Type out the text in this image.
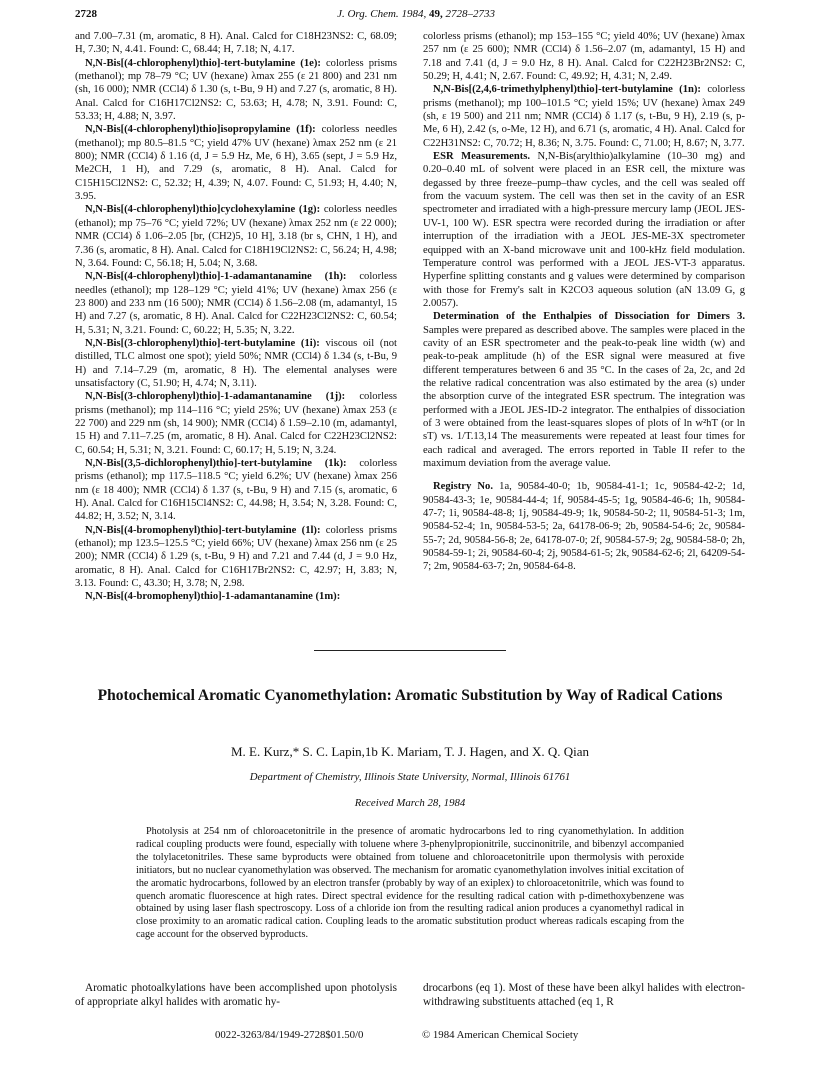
2728	J. Org. Chem. 1984, 49, 2728–2733

and 7.00–7.31 (m, aromatic, 8 H). Anal. Calcd for C18H23NS2: C, 68.09; H, 7.30; N, 4.41. Found: C, 68.44; H, 7.18; N, 4.17.

N,N-Bis[(4-chlorophenyl)thio]-tert-butylamine (1e): colorless prisms (methanol); mp 78–79 °C; UV (hexane) λmax 255 (ε 21 800) and 231 nm (sh, 16 000); NMR (CCl4) δ 1.30 (s, t-Bu, 9 H) and 7.27 (s, aromatic, 8 H). Anal. Calcd for C16H17Cl2NS2: C, 53.63; H, 4.78; N, 3.91. Found: C, 53.33; H, 4.88; N, 3.97.

N,N-Bis[(4-chlorophenyl)thio]isopropylamine (1f): colorless needles (methanol); mp 80.5–81.5 °C; yield 47% UV (hexane) λmax 252 nm (ε 21 800); NMR (CCl4) δ 1.16 (d, J = 5.9 Hz, Me, 6 H), 3.65 (sept, J = 5.9 Hz, Me2CH, 1 H), and 7.29 (s, aromatic, 8 H). Anal. Calcd for C15H15Cl2NS2: C, 52.32; H, 4.39; N, 4.07. Found: C, 51.93; H, 4.40; N, 3.95.

N,N-Bis[(4-chlorophenyl)thio]cyclohexylamine (1g): colorless needles (ethanol); mp 75–76 °C; yield 72%; UV (hexane) λmax 252 nm (ε 22 000); NMR (CCl4) δ 1.06–2.05 [br, (CH2)5, 10 H], 3.18 (br s, CHN, 1 H), and 7.36 (s, aromatic, 8 H). Anal. Calcd for C18H19Cl2NS2: C, 56.24; H, 4.98; N, 3.64. Found: C, 56.18; H, 5.04; N, 3.68.

N,N-Bis[(4-chlorophenyl)thio]-1-adamantanamine (1h): colorless needles (ethanol); mp 128–129 °C; yield 41%; UV (hexane) λmax 256 (ε 23 800) and 233 nm (16 500); NMR (CCl4) δ 1.56–2.08 (m, adamantyl, 15 H) and 7.27 (s, aromatic, 8 H). Anal. Calcd for C22H23Cl2NS2: C, 60.54; H, 5.31; N, 3.21. Found: C, 60.22; H, 5.35; N, 3.22.

N,N-Bis[(3-chlorophenyl)thio]-tert-butylamine (1i): viscous oil (not distilled, TLC almost one spot); yield 50%; NMR (CCl4) δ 1.34 (s, t-Bu, 9 H) and 7.14–7.29 (m, aromatic, 8 H). The elemental analyses were unsatisfactory (C, 51.90; H, 4.74; N, 3.11).

N,N-Bis[(3-chlorophenyl)thio]-1-adamantanamine (1j): colorless prisms (methanol); mp 114–116 °C; yield 25%; UV (hexane) λmax 253 (ε 22 700) and 229 nm (sh, 14 900); NMR (CCl4) δ 1.59–2.10 (m, adamantyl, 15 H) and 7.11–7.25 (m, aromatic, 8 H). Anal. Calcd for C22H23Cl2NS2: C, 60.54; H, 5.31; N, 3.21. Found: C, 60.17; H, 5.19; N, 3.24.

N,N-Bis[(3,5-dichlorophenyl)thio]-tert-butylamine (1k): colorless prisms (ethanol); mp 117.5–118.5 °C; yield 6.2%; UV (hexane) λmax 256 nm (ε 18 400); NMR (CCl4) δ 1.37 (s, t-Bu, 9 H) and 7.15 (s, aromatic, 6 H). Anal. Calcd for C16H15Cl4NS2: C, 44.98; H, 3.54; N, 3.28. Found: C, 44.82; H, 3.52; N, 3.14.

N,N-Bis[(4-bromophenyl)thio]-tert-butylamine (1l): colorless prisms (ethanol); mp 123.5–125.5 °C; yield 66%; UV (hexane) λmax 256 nm (ε 25 200); NMR (CCl4) δ 1.29 (s, t-Bu, 9 H) and 7.21 and 7.44 (d, J = 9.0 Hz, aromatic, 8 H). Anal. Calcd for C16H17Br2NS2: C, 42.97; H, 3.83; N, 3.13. Found: C, 43.30; H, 3.78; N, 2.98.

N,N-Bis[(4-bromophenyl)thio]-1-adamantanamine (1m):

colorless prisms (ethanol); mp 153–155 °C; yield 40%; UV (hexane) λmax 257 nm (ε 25 600); NMR (CCl4) δ 1.56–2.07 (m, adamantyl, 15 H) and 7.18 and 7.41 (d, J = 9.0 Hz, 8 H). Anal. Calcd for C22H23Br2NS2: C, 50.29; H, 4.41; N, 2.67. Found: C, 49.92; H, 4.31; N, 2.49.

N,N-Bis[(2,4,6-trimethylphenyl)thio]-tert-butylamine (1n): colorless prisms (methanol); mp 100–101.5 °C; yield 15%; UV (hexane) λmax 249 (sh, ε 19 500) and 211 nm; NMR (CCl4) δ 1.17 (s, t-Bu, 9 H), 2.19 (s, p-Me, 6 H), 2.42 (s, o-Me, 12 H), and 6.71 (s, aromatic, 4 H). Anal. Calcd for C22H31NS2: C, 70.72; H, 8.36; N, 3.75. Found: C, 71.00; H, 8.67; N, 3.77.

ESR Measurements. N,N-Bis(arylthio)alkylamine (10–30 mg) and 0.20–0.40 mL of solvent were placed in an ESR cell, the mixture was degassed by three freeze–pump–thaw cycles, and the cell was sealed off from the vacuum system. The cell was then set in the cavity of an ESR spectrometer and irradiated with a high-pressure mercury lamp (JEOL JES-UV-1, 100 W). ESR spectra were recorded during the irradiation or after interruption of the irradiation with a JEOL JES-ME-3X spectrometer equipped with an X-band microwave unit and 100-kHz field modulation. Temperature control was performed with a JEOL JES-VT-3 apparatus. Hyperfine splitting constants and g values were determined by comparison with those for Fremy's salt in K2CO3 aqueous solution (aN 13.09 G, g 2.0057).

Determination of the Enthalpies of Dissociation for Dimers 3. Samples were prepared as described above. The samples were placed in the cavity of an ESR spectrometer and the peak-to-peak line width (w) and peak-to-peak amplitude (h) of the ESR signal were measured at five different temperatures between 6 and 35 °C. In the cases of 2a, 2c, and 2d the relative radical concentration was also estimated by the area (s) under the absorption curve of the integrated ESR spectrum. The integration was performed with a JEOL JES-ID-2 integrator. The enthalpies of dissociation of 3 were obtained from the least-squares slopes of plots of ln w²hT (or ln sT) vs. 1/T.13,14 The measurements were repeated at least four times for each radical and averaged. The errors reported in Table II refer to the maximum deviation from the average value.

Registry No. 1a, 90584-40-0; 1b, 90584-41-1; 1c, 90584-42-2; 1d, 90584-43-3; 1e, 90584-44-4; 1f, 90584-45-5; 1g, 90584-46-6; 1h, 90584-47-7; 1i, 90584-48-8; 1j, 90584-49-9; 1k, 90584-50-2; 1l, 90584-51-3; 1m, 90584-52-4; 1n, 90584-53-5; 2a, 64178-06-9; 2b, 90584-54-6; 2c, 90584-55-7; 2d, 90584-56-8; 2e, 64178-07-0; 2f, 90584-57-9; 2g, 90584-58-0; 2h, 90584-59-1; 2i, 90584-60-4; 2j, 90584-61-5; 2k, 90584-62-6; 2l, 64209-54-7; 2m, 90584-63-7; 2n, 90584-64-8.

Photochemical Aromatic Cyanomethylation: Aromatic Substitution by Way of Radical Cations
M. E. Kurz,* S. C. Lapin,1b K. Mariam, T. J. Hagen, and X. Q. Qian
Department of Chemistry, Illinois State University, Normal, Illinois 61761
Received March 28, 1984

Photolysis at 254 nm of chloroacetonitrile in the presence of aromatic hydrocarbons led to ring cyanomethylation. In addition radical coupling products were found, especially with toluene where 3-phenylpropionitrile, succinonitrile, and bibenzyl accompanied the tolylacetonitriles. These same byproducts were obtained from toluene and chloroacetonitrile upon thermolysis with peroxide initiators, but no nuclear cyanomethylation was observed. The mechanism for aromatic cyanomethylation involves initial excitation of the aromatic hydrocarbons, followed by an electron transfer (probably by way of an exiplex) to chloroacetonitrile, which was found to quench aromatic fluorescence at high rates. Direct spectral evidence for the resulting radical cation with p-dimethoxybenzene was obtained by using laser flash spectroscopy. Loss of a chloride ion from the resulting radical anion produces a cyanomethyl radical in close proximity to an aromatic radical cation. Coupling leads to the aromatic substitution product whereas radicals escaping from the cage account for the observed byproducts.

Aromatic photoalkylations have been accomplished upon photolysis of appropriate alkyl halides with aromatic hy-

drocarbons (eq 1). Most of these have been alkyl halides with electron-withdrawing substituents attached (eq 1, R

0022-3263/84/1949-2728$01.50/0	© 1984 American Chemical Society
